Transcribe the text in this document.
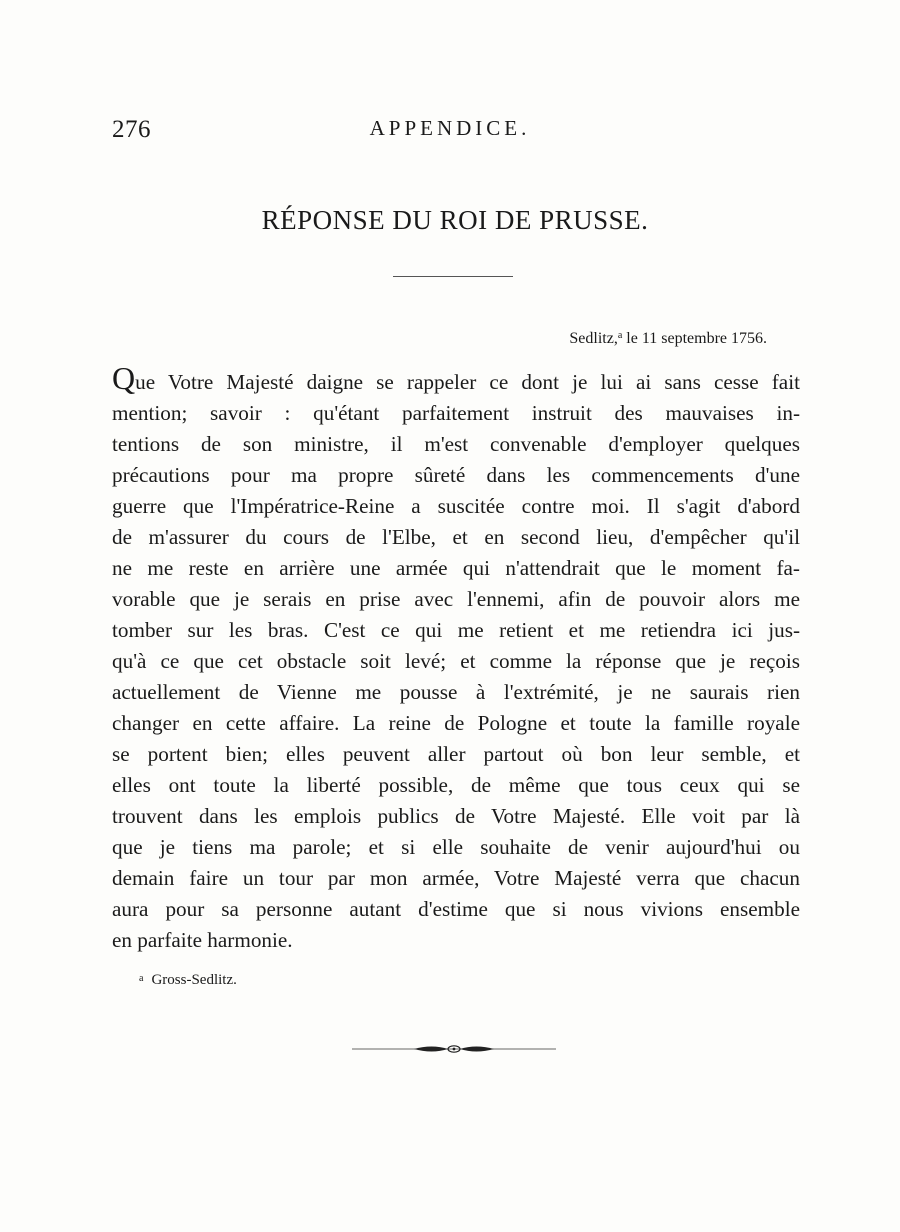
276	APPENDICE.
RÉPONSE DU ROI DE PRUSSE.
Sedlitz,$^a$ le 11 septembre 1756.
Que Votre Majesté daigne se rappeler ce dont je lui ai sans cesse fait
mention; savoir : qu'étant parfaitement instruit des mauvaises in-
tentions de son ministre, il m'est convenable d'employer quelques
précautions pour ma propre sûreté dans les commencements d'une
guerre que l'Impératrice-Reine a suscitée contre moi. Il s'agit d'abord
de m'assurer du cours de l'Elbe, et en second lieu, d'empêcher qu'il
ne me reste en arrière une armée qui n'attendrait que le moment fa-
vorable que je serais en prise avec l'ennemi, afin de pouvoir alors me
tomber sur les bras. C'est ce qui me retient et me retiendra ici jus-
qu'à ce que cet obstacle soit levé; et comme la réponse que je reçois
actuellement de Vienne me pousse à l'extrémité, je ne saurais rien
changer en cette affaire. La reine de Pologne et toute la famille royale
se portent bien; elles peuvent aller partout où bon leur semble, et
elles ont toute la liberté possible, de même que tous ceux qui se
trouvent dans les emplois publics de Votre Majesté. Elle voit par là
que je tiens ma parole; et si elle souhaite de venir aujourd'hui ou
demain faire un tour par mon armée, Votre Majesté verra que chacun
aura pour sa personne autant d'estime que si nous vivions ensemble
en parfaite harmonie.
$^a$ Gross-Sedlitz.
